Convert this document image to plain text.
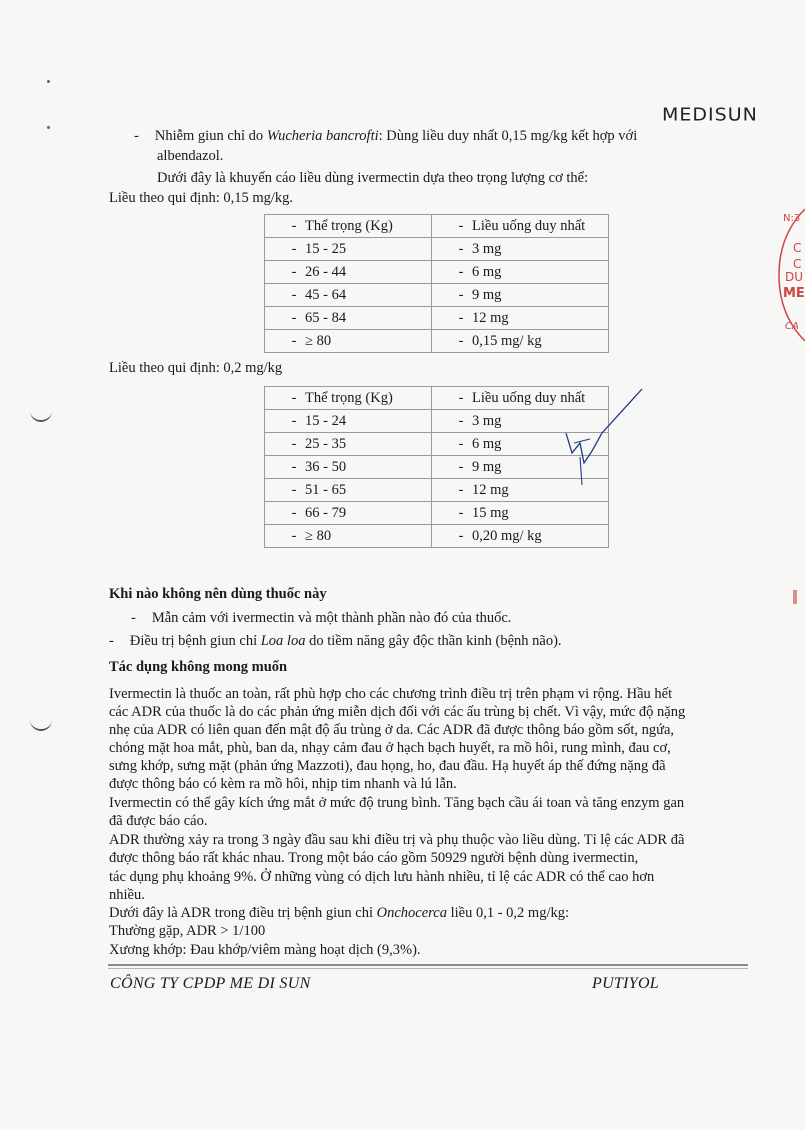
MEDISUN
- Nhiễm giun chỉ do Wucheria bancrofti: Dùng liều duy nhất 0,15 mg/kg kết hợp với
albendazol.
Dưới đây là khuyến cáo liều dùng ivermectin dựa theo trọng lượng cơ thể:
Liều theo qui định: 0,15 mg/kg.
- Thể trọng (Kg)	- Liều uống duy nhất
- 15 - 25	- 3 mg
- 26 - 44	- 6 mg
- 45 - 64	- 9 mg
- 65 - 84	- 12 mg
- ≥ 80	- 0,15 mg/ kg
Liều theo qui định: 0,2 mg/kg
- Thể trọng (Kg)	- Liều uống duy nhất
- 15 - 24	- 3 mg
- 25 - 35	- 6 mg
- 36 - 50	- 9 mg
- 51 - 65	- 12 mg
- 66 - 79	- 15 mg
- ≥ 80	- 0,20 mg/ kg
Khi nào không nên dùng thuốc này
- Mẫn cảm với ivermectin và một thành phần nào đó của thuốc.
- Điều trị bệnh giun chỉ Loa loa do tiềm năng gây độc thần kinh (bệnh não).
Tác dụng không mong muốn
Ivermectin là thuốc an toàn, rất phù hợp cho các chương trình điều trị trên phạm vi rộng. Hầu hết
các ADR của thuốc là do các phản ứng miễn dịch đối với các ấu trùng bị chết. Vì vậy, mức độ nặng
nhẹ của ADR có liên quan đến mật độ ấu trùng ở da. Các ADR đã được thông báo gồm sốt, ngứa,
chóng mặt hoa mắt, phù, ban da, nhạy cảm đau ở hạch bạch huyết, ra mồ hôi, rung mình, đau cơ,
sưng khớp, sưng mặt (phản ứng Mazzoti), đau họng, ho, đau đầu. Hạ huyết áp thế đứng nặng đã
được thông báo có kèm ra mồ hôi, nhịp tim nhanh và lú lẫn.
Ivermectin có thể gây kích ứng mắt ở mức độ trung bình. Tăng bạch cầu ái toan và tăng enzym gan
đã được báo cáo.
ADR thường xảy ra trong 3 ngày đầu sau khi điều trị và phụ thuộc vào liều dùng. Tỉ lệ các ADR đã
được thông báo rất khác nhau. Trong một báo cáo gồm 50929 người bệnh dùng ivermectin,
tác dụng phụ khoảng 9%. Ở những vùng có dịch lưu hành nhiều, tỉ lệ các ADR có thể cao hơn
nhiều.
Dưới đây là ADR trong điều trị bệnh giun chỉ Onchocerca liều 0,1 - 0,2 mg/kg:
Thường gặp, ADR > 1/100
Xương khớp: Đau khớp/viêm màng hoạt dịch (9,3%).
CÔNG TY CPDP ME DI SUN	PUTIYOL
N:3
C
C
DU
ME
CA
